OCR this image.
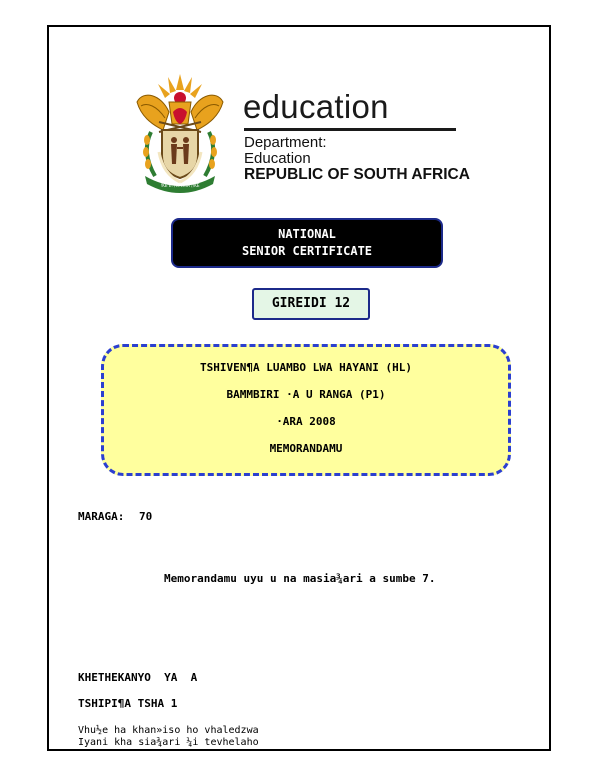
!KE E: /XARRA //KE
education
Department:
Education
REPUBLIC OF SOUTH AFRICA
NATIONAL
SENIOR CERTIFICATE
GIREIDI 12
TSHIVEN¶A LUAMBO LWA HAYANI (HL)
BAMMBIRI ·A U RANGA (P1)
·ARA 2008
MEMORANDAMU
MARAGA: 70
Memorandamu uyu u na masia¾ari a sumbe 7.
KHETHEKANYO  YA  A
TSHIPI¶A TSHA 1
Vhu½e ha khan»iso ho vhaledzwa
Iyani kha sia¾ari ¼i tevhelaho
